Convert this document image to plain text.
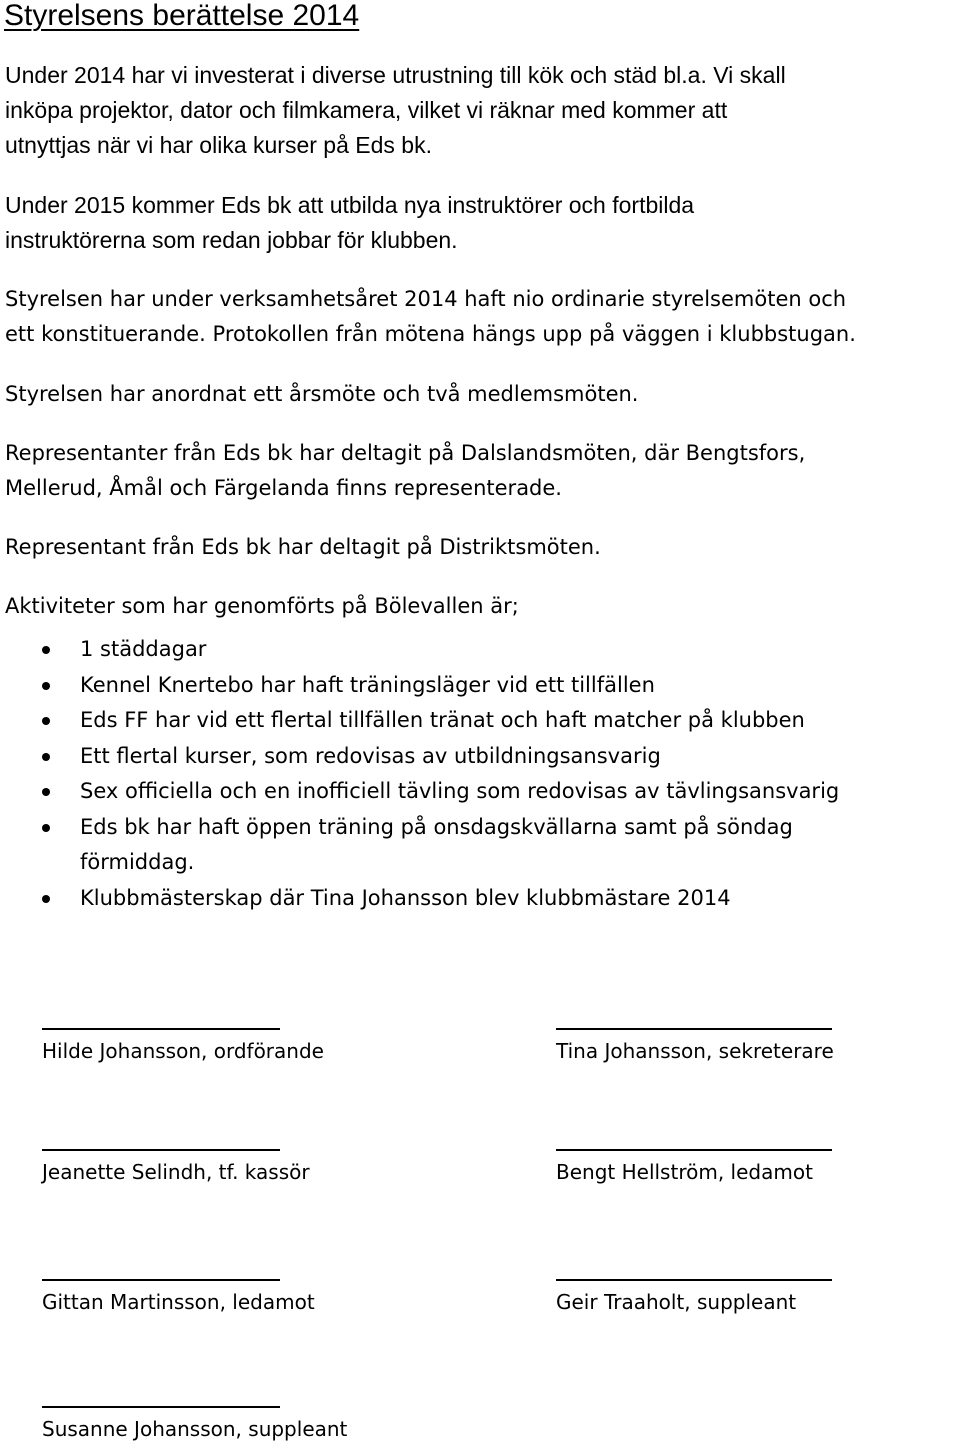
Styrelsens berättelse 2014

Under 2014 har vi investerat i diverse utrustning till kök och städ bl.a. Vi skall
inköpa projektor, dator och filmkamera, vilket vi räknar med kommer att
utnyttjas när vi har olika kurser på Eds bk.

Under 2015 kommer Eds bk att utbilda nya instruktörer och fortbilda
instruktörerna som redan jobbar för klubben.

Styrelsen har under verksamhetsåret 2014 haft nio ordinarie styrelsemöten och
ett konstituerande. Protokollen från mötena hängs upp på väggen i klubbstugan.

Styrelsen har anordnat ett årsmöte och två medlemsmöten.

Representanter från Eds bk har deltagit på Dalslandsmöten, där Bengtsfors,
Mellerud, Åmål och Färgelanda finns representerade.

Representant från Eds bk har deltagit på Distriktsmöten.

Aktiviteter som har genomförts på Bölevallen är;

1 städdagar
Kennel Knertebo har haft träningsläger vid ett tillfällen
Eds FF har vid ett flertal tillfällen tränat och haft matcher på klubben
Ett flertal kurser, som redovisas av utbildningsansvarig
Sex officiella och en inofficiell tävling som redovisas av tävlingsansvarig
Eds bk har haft öppen träning på onsdagskvällarna samt på söndag
förmiddag.
Klubbmästerskap där Tina Johansson blev klubbmästare 2014
Hilde Johansson, ordförande	Tina Johansson, sekreterare
Jeanette Selindh, tf. kassör	Bengt Hellström, ledamot
Gittan Martinsson, ledamot	Geir Traaholt, suppleant
Susanne Johansson, suppleant
